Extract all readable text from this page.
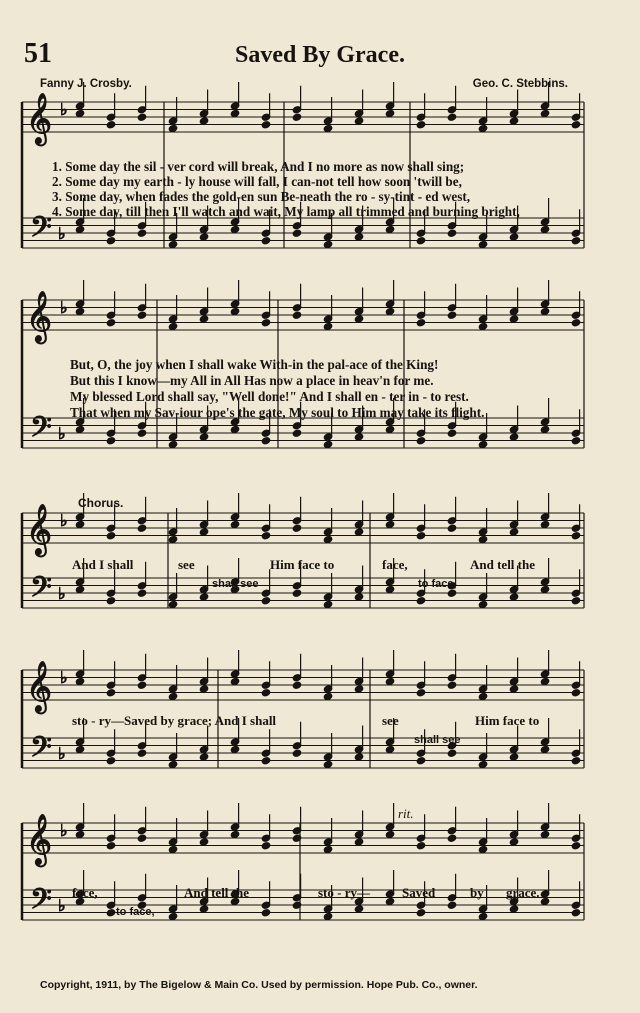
51	Saved By Grace.
Fanny J. Crosby.	Geo. C. Stebbins.
𝄞
𝄢
♭
♭
𝄞
𝄢
♭
♭
𝄞
𝄢
♭
♭
𝄞
𝄢
♭
♭
𝄞
𝄢
♭
♭
1. Some day the sil - ver cord will break, And I no more as now shall sing;
2. Some day my earth - ly house will fall, I can-not tell how soon 'twill be,
3. Some day, when fades the gold-en sun Be-neath the ro - sy-tint - ed west,
4. Some day, till then I'll watch and wait, My lamp all trimmed and burning bright,
But, O, the joy when I shall wake With-in the pal-ace of the King!
But this I know—my All in All Has now a place in heav'n for me.
My blessed Lord shall say, "Well done!" And I shall en - ter in - to rest.
That when my Sav-iour ope's the gate, My soul to Him may take its flight.
Chorus.
And I shall	see	Him face to	face,	And tell the
shall see	to face,
sto - ry—Saved by grace; And I shall	see	Him face to
shall see
rit.
face,	And tell the	sto - ry— Saved	by grace.
to face,
Copyright, 1911, by The Bigelow & Main Co. Used by permission. Hope Pub. Co., owner.
